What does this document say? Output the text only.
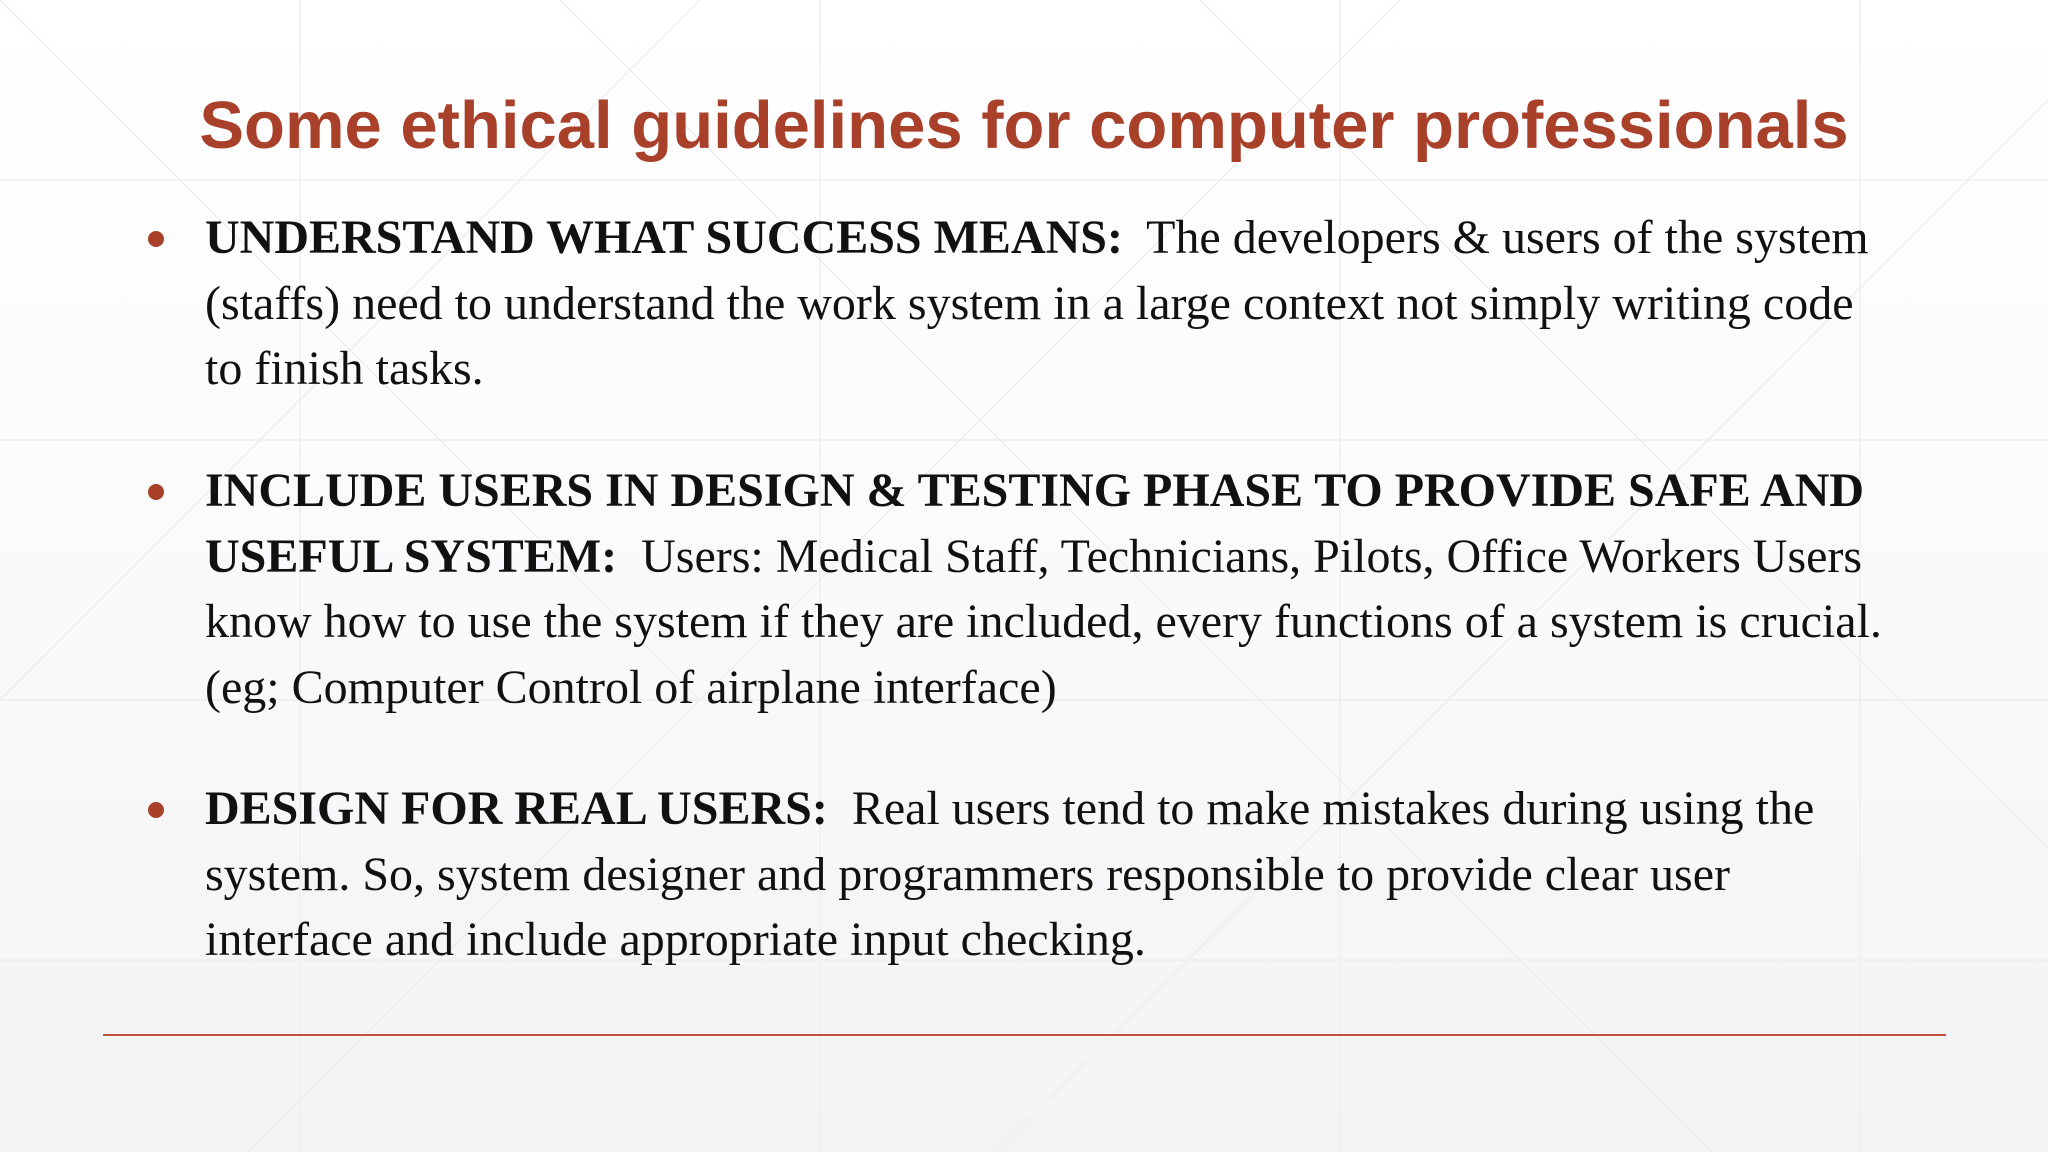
Some ethical guidelines for computer professionals
UNDERSTAND WHAT SUCCESS MEANS: The developers & users of the system (staffs) need to understand the work system in a large context not simply writing code to finish tasks.
INCLUDE USERS IN DESIGN & TESTING PHASE TO PROVIDE SAFE AND USEFUL SYSTEM: Users: Medical Staff, Technicians, Pilots, Office Workers Users know how to use the system if they are included, every functions of a system is crucial. (eg; Computer Control of airplane interface)
DESIGN FOR REAL USERS: Real users tend to make mistakes during using the system. So, system designer and programmers responsible to provide clear user interface and include appropriate input checking.
